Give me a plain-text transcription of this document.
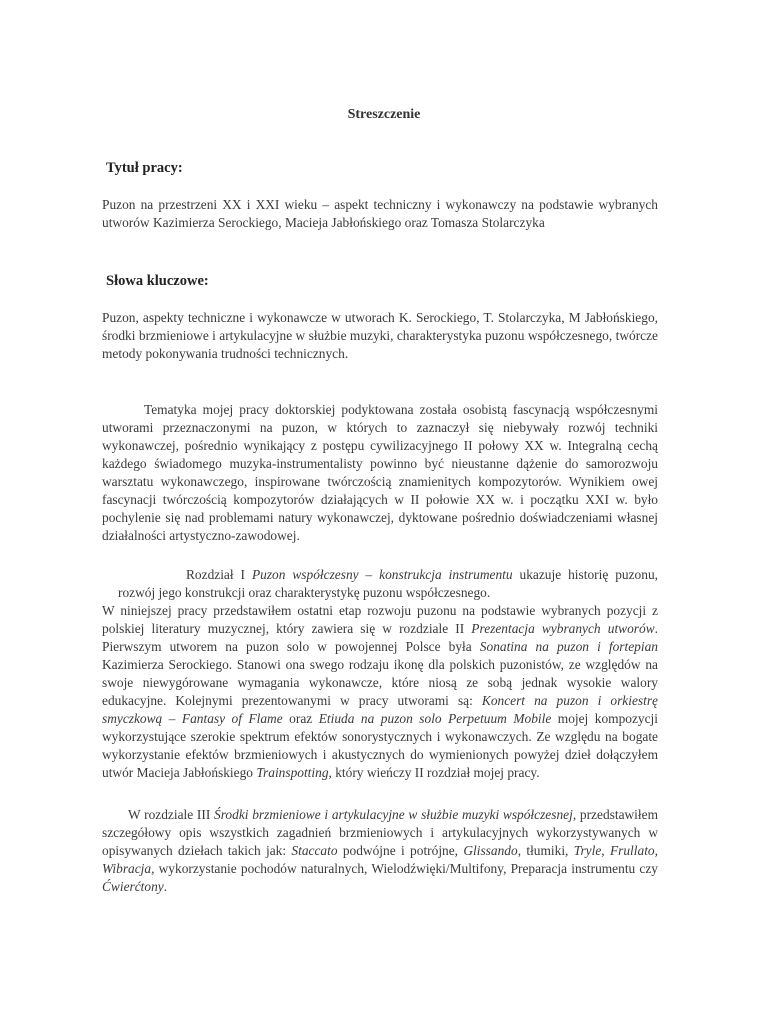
Streszczenie
Tytuł pracy:
Puzon na przestrzeni XX i XXI wieku – aspekt techniczny i wykonawczy na podstawie wybranych utworów Kazimierza Serockiego, Macieja Jabłońskiego oraz Tomasza Stolarczyka
Słowa kluczowe:
Puzon, aspekty techniczne i wykonawcze w utworach K. Serockiego, T. Stolarczyka, M Jabłońskiego, środki brzmieniowe i artykulacyjne w służbie muzyki, charakterystyka puzonu współczesnego, twórcze metody pokonywania trudności technicznych.
Tematyka mojej pracy doktorskiej podyktowana została osobistą fascynacją współczesnymi utworami przeznaczonymi na puzon, w których to zaznaczył się niebywały rozwój techniki wykonawczej, pośrednio wynikający z postępu cywilizacyjnego II połowy XX w. Integralną cechą każdego świadomego muzyka-instrumentalisty powinno być nieustanne dążenie do samorozwoju warsztatu wykonawczego, inspirowane twórczością znamienitych kompozytorów. Wynikiem owej fascynacji twórczością kompozytorów działających w II połowie XX w. i początku XXI w. było pochylenie się nad problemami natury wykonawczej, dyktowane pośrednio doświadczeniami własnej działalności artystyczno-zawodowej.
Rozdział I Puzon współczesny – konstrukcja instrumentu ukazuje historię puzonu, rozwój jego konstrukcji oraz charakterystykę puzonu współczesnego.
W niniejszej pracy przedstawiłem ostatni etap rozwoju puzonu na podstawie wybranych pozycji z polskiej literatury muzycznej, który zawiera się w rozdziale II Prezentacja wybranych utworów. Pierwszym utworem na puzon solo w powojennej Polsce była Sonatina na puzon i fortepian Kazimierza Serockiego. Stanowi ona swego rodzaju ikonę dla polskich puzonistów, ze względów na swoje niewygórowane wymagania wykonawcze, które niosą ze sobą jednak wysokie walory edukacyjne. Kolejnymi prezentowanymi w pracy utworami są: Koncert na puzon i orkiestrę smyczkową – Fantasy of Flame oraz Etiuda na puzon solo Perpetuum Mobile mojej kompozycji wykorzystujące szerokie spektrum efektów sonorystycznych i wykonawczych. Ze względu na bogate wykorzystanie efektów brzmieniowych i akustycznych do wymienionych powyżej dzieł dołączyłem utwór Macieja Jabłońskiego Trainspotting, który wieńczy II rozdział mojej pracy.
W rozdziale III Środki brzmieniowe i artykulacyjne w służbie muzyki współczesnej, przedstawiłem szczegółowy opis wszystkich zagadnień brzmieniowych i artykulacyjnych wykorzystywanych w opisywanych dziełach takich jak: Staccato podwójne i potrójne, Glissando, tłumiki, Tryle, Frullato, Wibracja, wykorzystanie pochodów naturalnych, Wielodźwięki/Multifony, Preparacja instrumentu czy Ćwierćtony.
